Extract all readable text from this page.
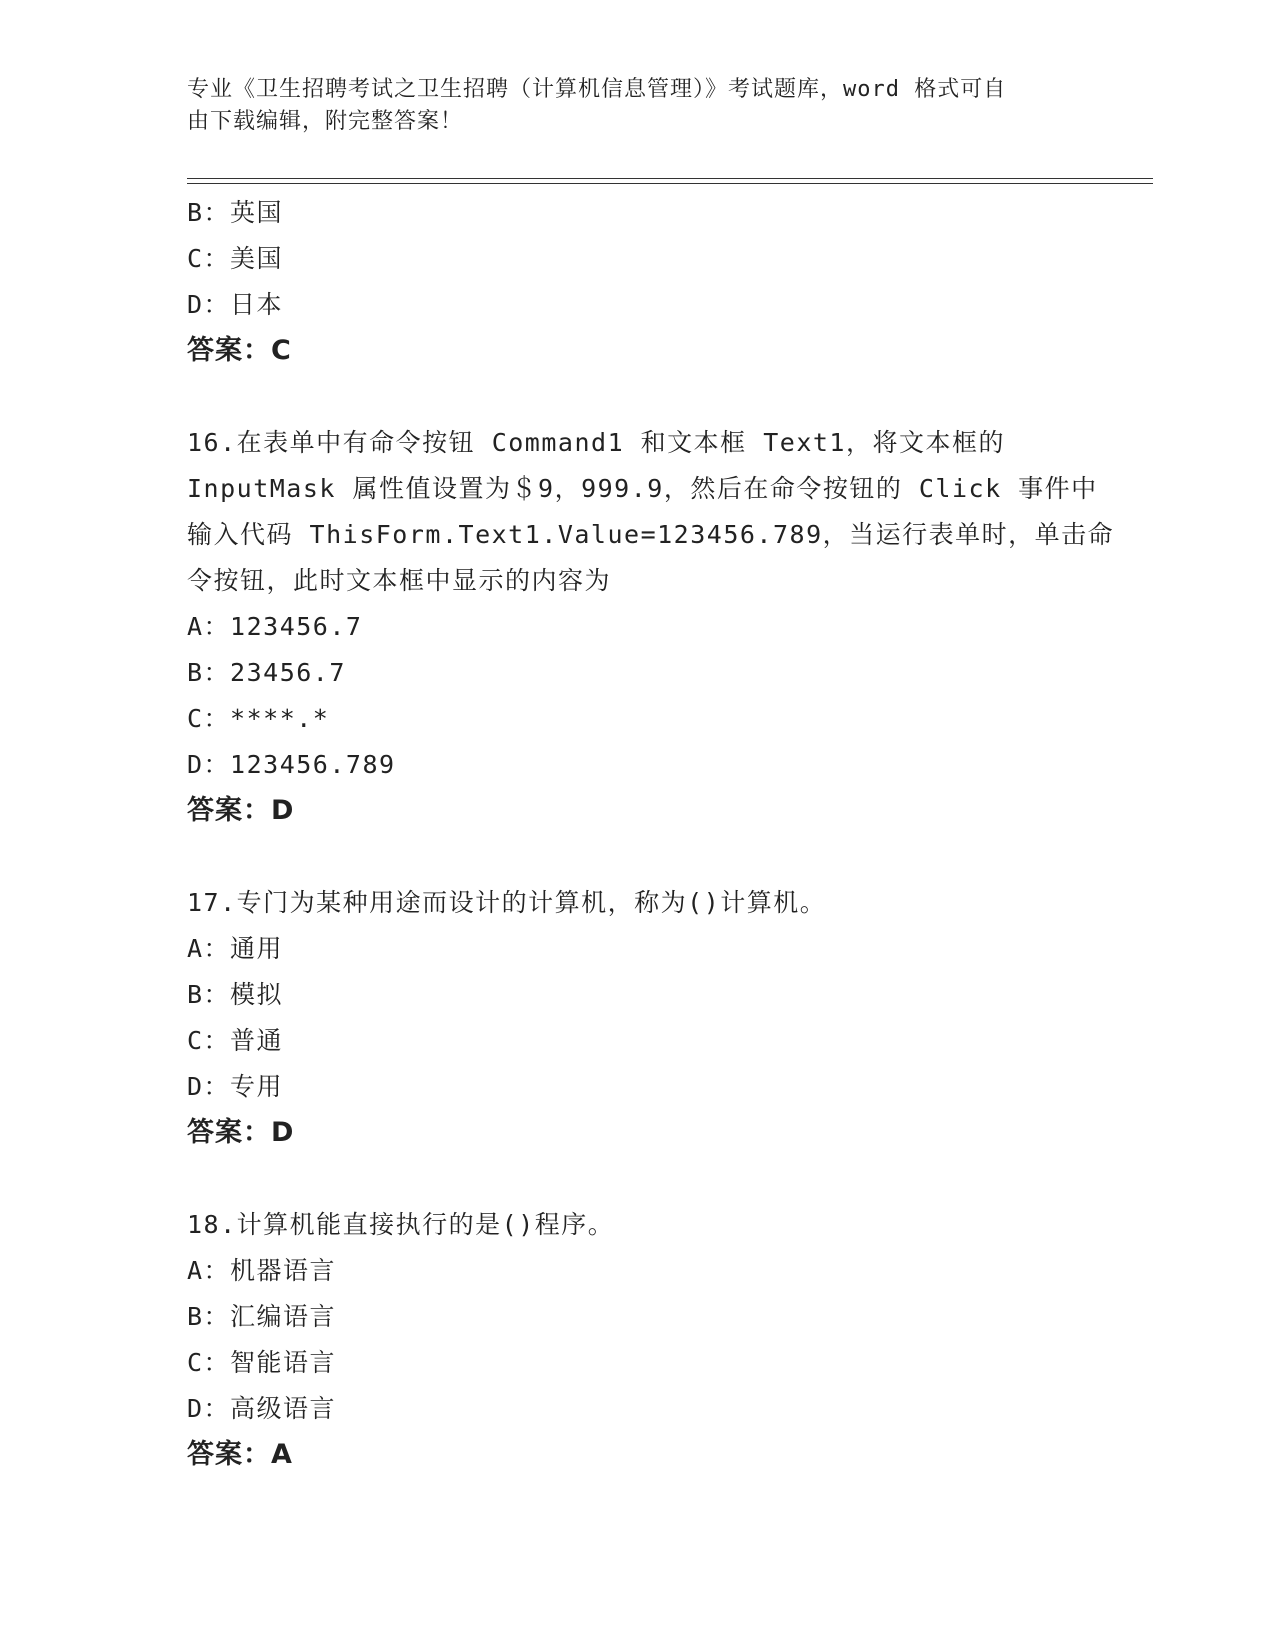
专业《卫生招聘考试之卫生招聘（计算机信息管理）》考试题库，word 格式可自
由下载编辑，附完整答案！
B：英国
C：美国
D：日本
答案：C
16.在表单中有命令按钮 Command1 和文本框 Text1，将文本框的
InputMask 属性值设置为＄9，999.9，然后在命令按钮的 Click 事件中
输入代码 ThisForm.Text1.Value=123456.789，当运行表单时，单击命
令按钮，此时文本框中显示的内容为
A：123456.7
B：23456.7
C：****.*
D：123456.789
答案：D
17.专门为某种用途而设计的计算机，称为()计算机。
A：通用
B：模拟
C：普通
D：专用
答案：D
18.计算机能直接执行的是()程序。
A：机器语言
B：汇编语言
C：智能语言
D：高级语言
答案：A
